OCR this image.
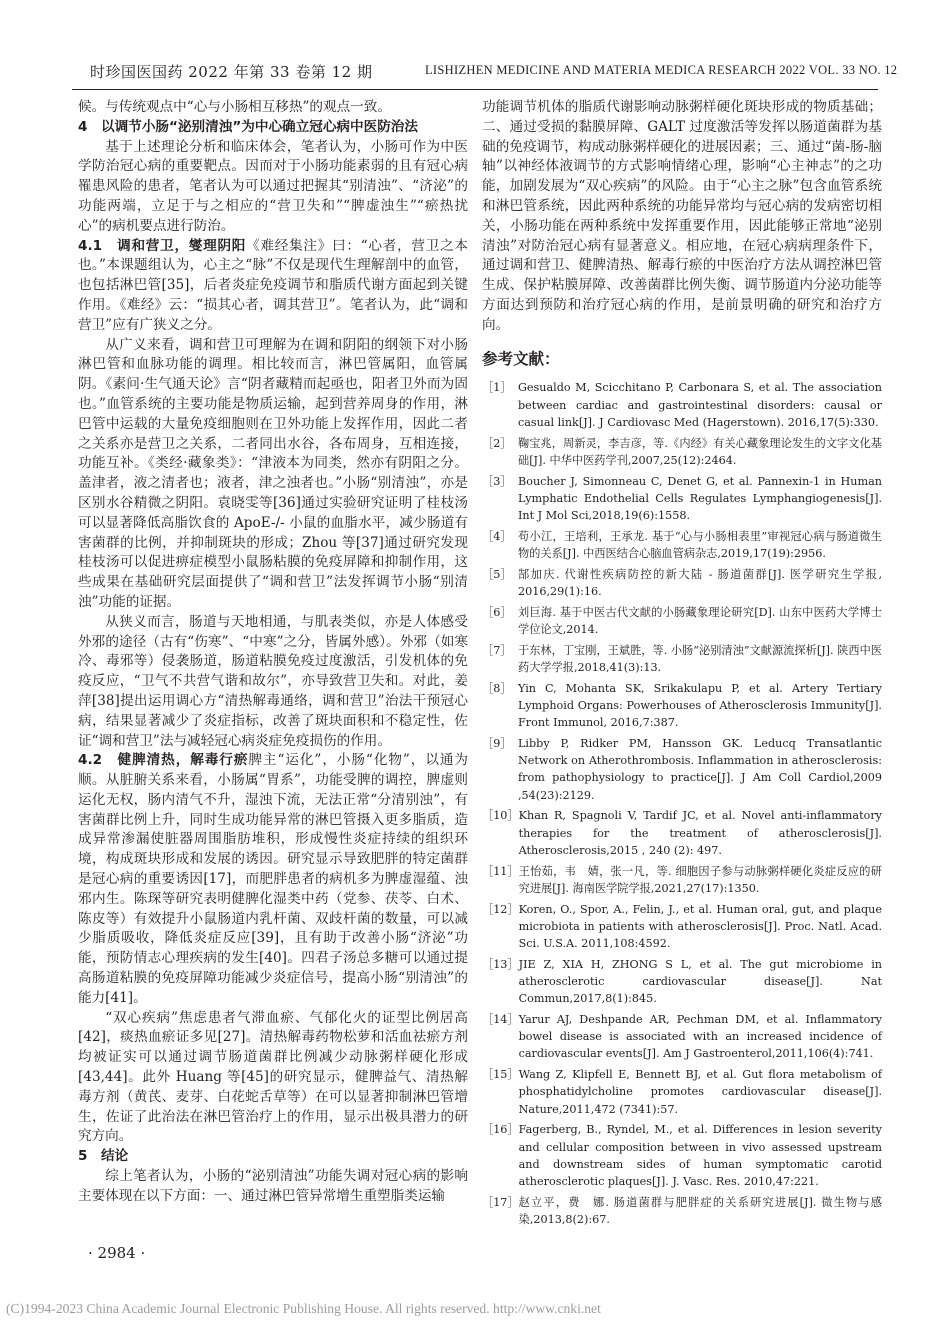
时珍国医国药 2022 年第 33 卷第 12 期	LISHIZHEN MEDICINE AND MATERIA MEDICA RESEARCH 2022 VOL. 33 NO. 12

候。与传统观点中“心与小肠相互移热”的观点一致。

4　以调节小肠“泌别清浊”为中心确立冠心病中医防治法

基于上述理论分析和临床体会，笔者认为，小肠可作为中医学防治冠心病的重要靶点。因而对于小肠功能素弱的且有冠心病罹患风险的患者，笔者认为可以通过把握其“别清浊”、“济泌”的功能两端，立足于与之相应的“营卫失和”“脾虚浊生”“瘀热扰心”的病机要点进行防治。

4.1　调和营卫，燮理阴阳《难经集注》曰：“心者，营卫之本也。”本课题组认为，心主之“脉”不仅是现代生理解剖中的血管，也包括淋巴管[35]，后者炎症免疫调节和脂质代谢方面起到关键作用。《难经》云：“损其心者，调其营卫”。笔者认为，此“调和营卫”应有广狭义之分。

从广义来看，调和营卫可理解为在调和阴阳的纲领下对小肠淋巴管和血脉功能的调理。相比较而言，淋巴管属阳，血管属阴。《素问·生气通天论》言“阴者藏精而起亟也，阳者卫外而为固也。”血管系统的主要功能是物质运输，起到营养周身的作用，淋巴管中运载的大量免疫细胞则在卫外功能上发挥作用，因此二者之关系亦是营卫之关系，二者同出水谷，各布周身，互相连接，功能互补。《类经·藏象类》：“津液本为同类，然亦有阴阳之分。盖津者，液之清者也；液者，津之浊者也。”小肠“别清浊”，亦是区别水谷精微之阴阳。袁晓雯等[36]通过实验研究证明了桂枝汤可以显著降低高脂饮食的 ApoE-/- 小鼠的血脂水平，减少肠道有害菌群的比例，并抑制斑块的形成；Zhou 等[37]通过研究发现桂枝汤可以促进痹症模型小鼠肠粘膜的免疫屏障和抑制作用，这些成果在基础研究层面提供了“调和营卫”法发挥调节小肠“别清浊”功能的证据。

从狭义而言，肠道与天地相通，与肌表类似，亦是人体感受外邪的途径（古有“伤寒”、“中寒”之分，皆属外感）。外邪（如寒冷、毒邪等）侵袭肠道，肠道粘膜免疫过度激活，引发机体的免疫反应，“卫气不共营气谐和故尔”，亦导致营卫失和。对此，姜萍[38]提出运用调心方“清热解毒通络，调和营卫”治法干预冠心病，结果显著减少了炎症指标，改善了斑块面积和不稳定性，佐证“调和营卫”法与减轻冠心病炎症免疫损伤的作用。

4.2　健脾清热，解毒行瘀脾主“运化”，小肠“化物”，以通为顺。从脏腑关系来看，小肠属“胃系”，功能受脾的调控，脾虚则运化无权，肠内清气不升，湿浊下流，无法正常“分清别浊”，有害菌群比例上升，同时生成功能异常的淋巴管摄入更多脂质，造成异常渗漏使脏器周围脂肪堆积，形成慢性炎症持续的组织环境，构成斑块形成和发展的诱因。研究显示导致肥胖的特定菌群是冠心病的重要诱因[17]，而肥胖患者的病机多为脾虚湿蕴、浊邪内生。陈琛等研究表明健脾化湿类中药（党参、茯苓、白术、陈皮等）有效提升小鼠肠道内乳杆菌、双歧杆菌的数量，可以减少脂质吸收，降低炎症反应[39]，且有助于改善小肠“济泌”功能，预防情志心理疾病的发生[40]。四君子汤总多糖可以通过提高肠道粘膜的免疫屏障功能减少炎症信号，提高小肠“别清浊”的能力[41]。

“双心疾病”焦虑患者气滞血瘀、气郁化火的证型比例居高[42]，痰热血瘀证多见[27]。清热解毒药物松萝和活血祛瘀方剂均被证实可以通过调节肠道菌群比例减少动脉粥样硬化形成[43,44]。此外 Huang 等[45]的研究显示，健脾益气、清热解毒方剂（黄芪、麦芽、白花蛇舌草等）在可以显著抑制淋巴管增生，佐证了此治法在淋巴管治疗上的作用，显示出极具潜力的研究方向。

5　结论

综上笔者认为，小肠的“泌别清浊”功能失调对冠心病的影响主要体现在以下方面：一、通过淋巴管异常增生重塑脂类运输

功能调节机体的脂质代谢影响动脉粥样硬化斑块形成的物质基础；二、通过受损的黏膜屏障、GALT 过度激活等发挥以肠道菌群为基础的免疫调节，构成动脉粥样硬化的进展因素；三、通过“菌-肠-脑轴”以神经体液调节的方式影响情绪心理，影响“心主神志”的之功能，加剧发展为“双心疾病”的风险。由于“心主之脉”包含血管系统和淋巴管系统，因此两种系统的功能异常均与冠心病的发病密切相关，小肠功能在两种系统中发挥重要作用，因此能够正常地“泌别清浊”对防治冠心病有显著意义。相应地，在冠心病病理条件下，通过调和营卫、健脾清热、解毒行瘀的中医治疗方法从调控淋巴管生成、保护粘膜屏障、改善菌群比例失衡、调节肠道内分泌功能等方面达到预防和治疗冠心病的作用，是前景明确的研究和治疗方向。

参考文献：

［1］ Gesualdo M, Scicchitano P, Carbonara S, et al. The association between cardiac and gastrointestinal disorders: causal or casual link[J]. J Cardiovasc Med (Hagerstown). 2016,17(5):330.
［2］ 鞠宝兆，周新灵，李吉彦，等.《内经》有关心藏象理论发生的文字文化基础[J]. 中华中医药学刊,2007,25(12):2464.
［3］ Boucher J, Simonneau C, Denet G, et al. Pannexin-1 in Human Lymphatic Endothelial Cells Regulates Lymphangiogenesis[J]. Int J Mol Sci,2018,19(6):1558.
［4］ 苟小江，王培利，王承龙. 基于“心与小肠相表里”审视冠心病与肠道微生物的关系[J]. 中西医结合心脑血管病杂志,2019,17(19):2956.
［5］ 郜加庆. 代谢性疾病防控的新大陆 - 肠道菌群[J]. 医学研究生学报, 2016,29(1):16.
［6］ 刘巨海. 基于中医古代文献的小肠藏象理论研究[D]. 山东中医药大学博士学位论文,2014.
［7］ 于东林，丁宝刚，王斌胜，等. 小肠“泌别清浊”文献源流探析[J]. 陕西中医药大学学报,2018,41(3):13.
［8］ Yin C, Mohanta SK, Srikakulapu P, et al. Artery Tertiary Lymphoid Organs: Powerhouses of Atherosclerosis Immunity[J]. Front Immunol, 2016,7:387.
［9］ Libby P, Ridker PM, Hansson GK. Leducq Transatlantic Network on Atherothrombosis. Inflammation in atherosclerosis: from pathophysiology to practice[J]. J Am Coll Cardiol,2009 ,54(23):2129.
［10］ Khan R, Spagnoli V, Tardif JC, et al. Novel anti-inflammatory therapies for the treatment of atherosclerosis[J]. Atherosclerosis,2015 , 240 (2): 497.
［11］ 王怡茹，韦　婧，张一凡，等. 细胞因子参与动脉粥样硬化炎症反应的研究进展[J]. 海南医学院学报,2021,27(17):1350.
［12］ Koren, O., Spor, A., Felin, J., et al. Human oral, gut, and plaque microbiota in patients with atherosclerosis[J]. Proc. Natl. Acad. Sci. U.S.A. 2011,108:4592.
［13］ JIE Z, XIA H, ZHONG S L, et al. The gut microbiome in atherosclerotic cardiovascular disease[J]. Nat Commun,2017,8(1):845.
［14］ Yarur AJ, Deshpande AR, Pechman DM, et al. Inflammatory bowel disease is associated with an increased incidence of cardiovascular events[J]. Am J Gastroenterol,2011,106(4):741.
［15］ Wang Z, Klipfell E, Bennett BJ, et al. Gut flora metabolism of phosphatidylcholine promotes cardiovascular disease[J]. Nature,2011,472 (7341):57.
［16］ Fagerberg, B., Ryndel, M., et al. Differences in lesion severity and cellular composition between in vivo assessed upstream and downstream sides of human symptomatic carotid atherosclerotic plaques[J]. J. Vasc. Res. 2010,47:221.
［17］ 赵立平，费　娜. 肠道菌群与肥胖症的关系研究进展[J]. 微生物与感染,2013,8(2):67.
· 2984 ·
(C)1994-2023 China Academic Journal Electronic Publishing House. All rights reserved. http://www.cnki.net
